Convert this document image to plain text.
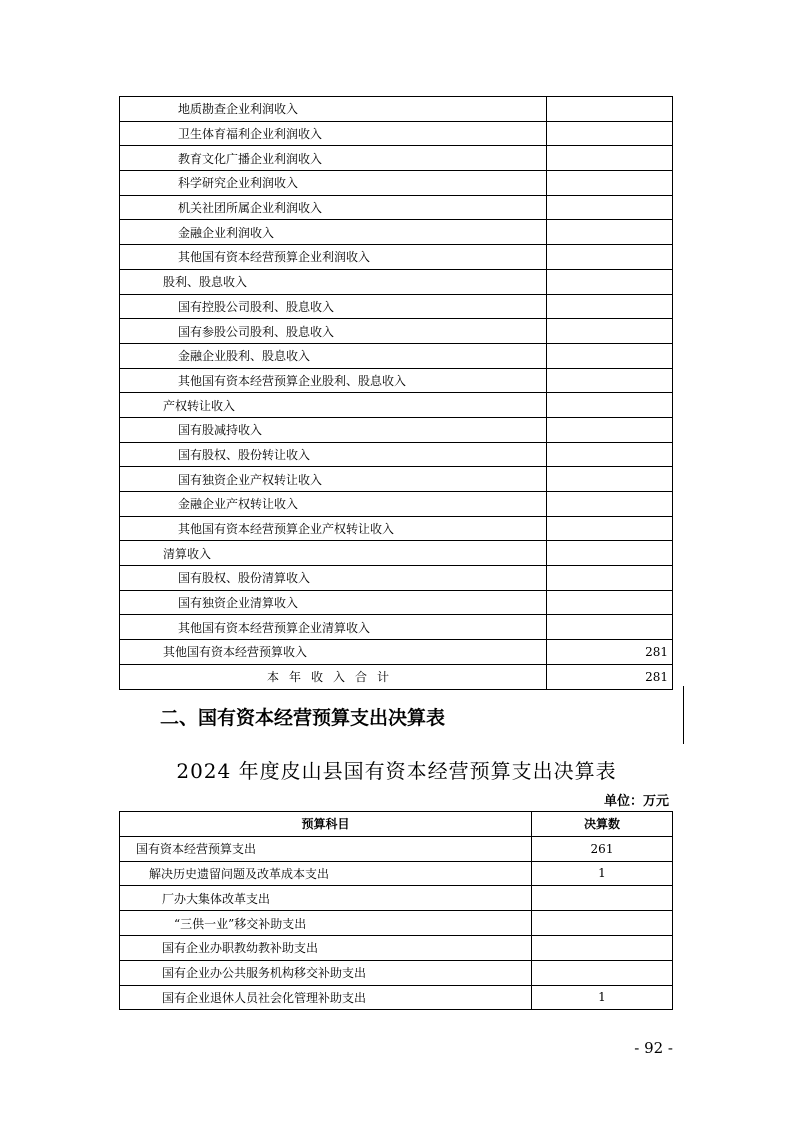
地质勘查企业利润收入	
卫生体育福利企业利润收入	
教育文化广播企业利润收入	
科学研究企业利润收入	
机关社团所属企业利润收入	
金融企业利润收入	
其他国有资本经营预算企业利润收入	
股利、股息收入	
国有控股公司股利、股息收入	
国有参股公司股利、股息收入	
金融企业股利、股息收入	
其他国有资本经营预算企业股利、股息收入	
产权转让收入	
国有股减持收入	
国有股权、股份转让收入	
国有独资企业产权转让收入	
金融企业产权转让收入	
其他国有资本经营预算企业产权转让收入	
清算收入	
国有股权、股份清算收入	
国有独资企业清算收入	
其他国有资本经营预算企业清算收入	
其他国有资本经营预算收入	281
本年收入合计	281
二、国有资本经营预算支出决算表
2024 年度皮山县国有资本经营预算支出决算表
单位：万元
预算科目	决算数
国有资本经营预算支出	261
解决历史遗留问题及改革成本支出	1
厂办大集体改革支出	
“三供一业”移交补助支出	
国有企业办职教幼教补助支出	
国有企业办公共服务机构移交补助支出	
国有企业退休人员社会化管理补助支出	1
- 92 -
